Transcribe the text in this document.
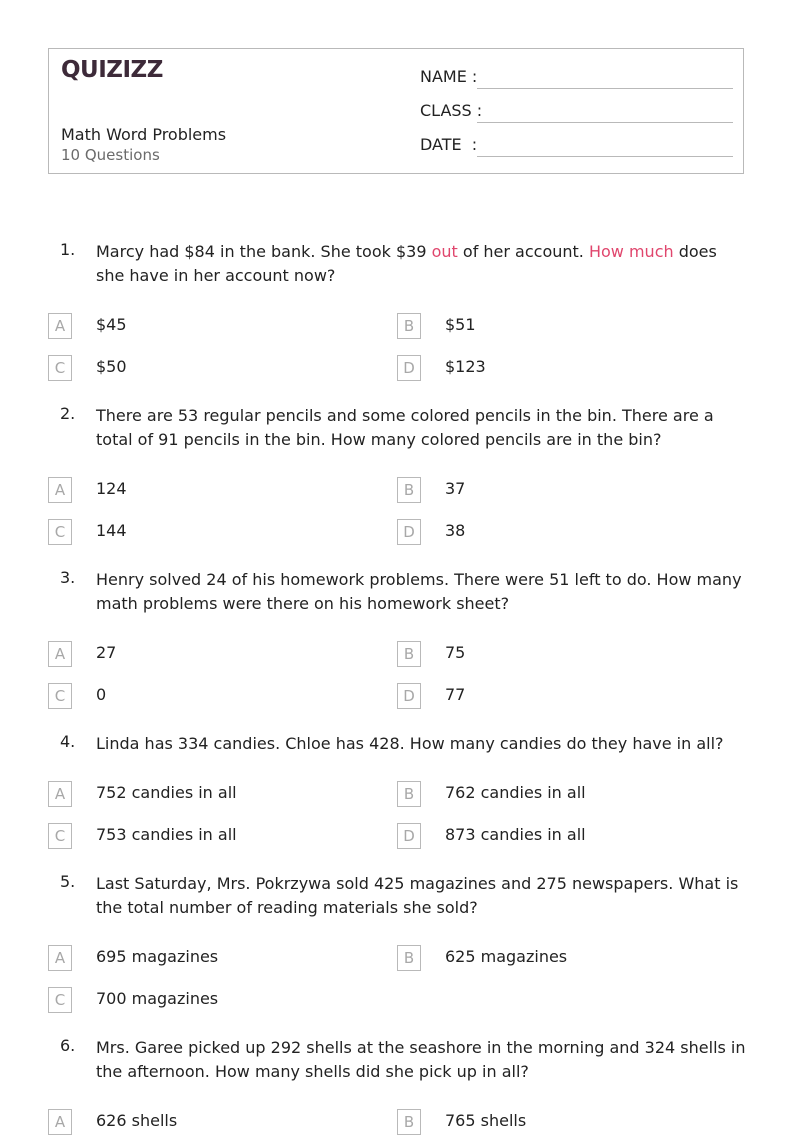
QUIZIZZ
Math Word Problems
10 Questions
NAME :
CLASS :
DATE  :
1. Marcy had $84 in the bank. She took $39 out of her account. How much does she have in her account now?
A	$45	B	$51
C	$50	D	$123
2. There are 53 regular pencils and some colored pencils in the bin. There are a total of 91 pencils in the bin. How many colored pencils are in the bin?
A	124	B	37
C	144	D	38
3. Henry solved 24 of his homework problems. There were 51 left to do. How many math problems were there on his homework sheet?
A	27	B	75
C	0	D	77
4. Linda has 334 candies. Chloe has 428. How many candies do they have in all?
A	752 candies in all	B	762 candies in all
C	753 candies in all	D	873 candies in all
5. Last Saturday, Mrs. Pokrzywa sold 425 magazines and 275 newspapers. What is the total number of reading materials she sold?
A	695 magazines	B	625 magazines
C	700 magazines
6. Mrs. Garee picked up 292 shells at the seashore in the morning and 324 shells in the afternoon. How many shells did she pick up in all?
A	626 shells	B	765 shells
